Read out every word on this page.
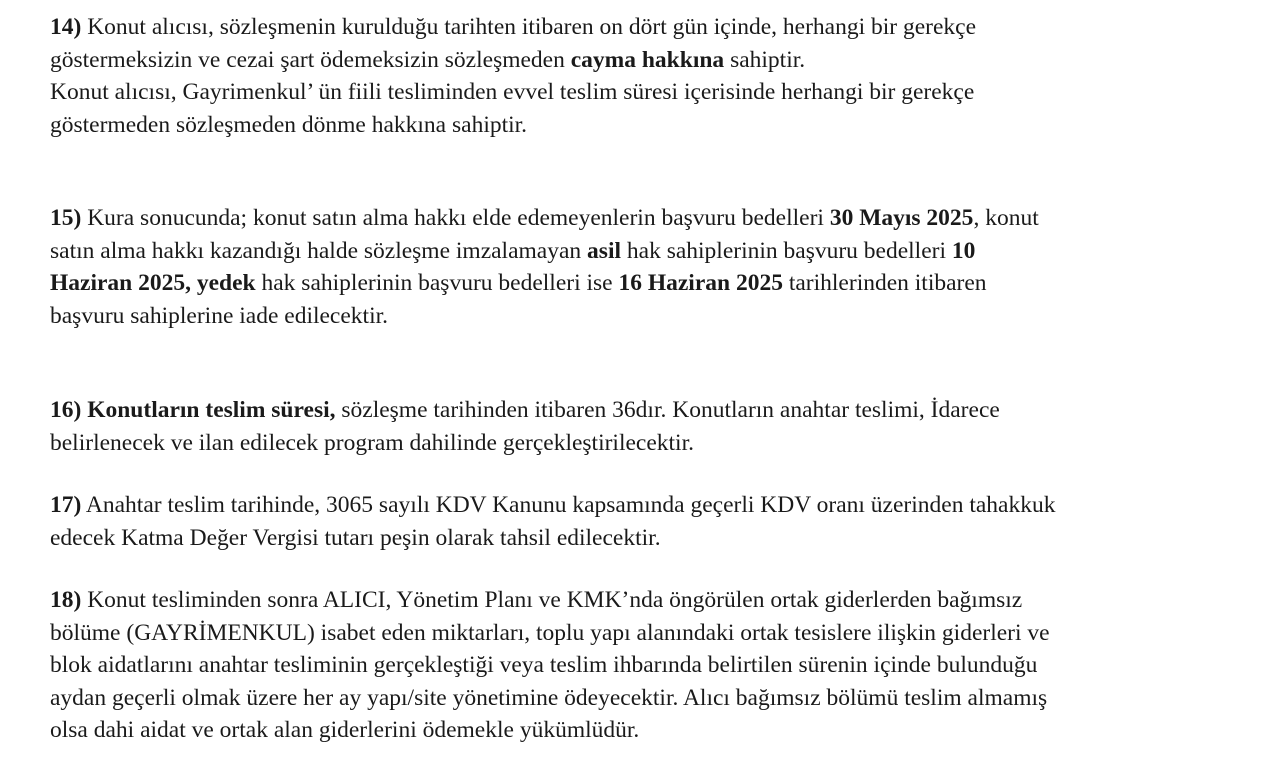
14) Konut alıcısı, sözleşmenin kurulduğu tarihten itibaren on dört gün içinde, herhangi bir gerekçe
göstermeksizin ve cezai şart ödemeksizin sözleşmeden cayma hakkına sahiptir.
Konut alıcısı, Gayrimenkul’ ün fiili tesliminden evvel teslim süresi içerisinde herhangi bir gerekçe
göstermeden sözleşmeden dönme hakkına sahiptir.

15) Kura sonucunda; konut satın alma hakkı elde edemeyenlerin başvuru bedelleri 30 Mayıs 2025, konut
satın alma hakkı kazandığı halde sözleşme imzalamayan asil hak sahiplerinin başvuru bedelleri 10
Haziran 2025, yedek hak sahiplerinin başvuru bedelleri ise 16 Haziran 2025 tarihlerinden itibaren
başvuru sahiplerine iade edilecektir.

16) Konutların teslim süresi, sözleşme tarihinden itibaren 36dır. Konutların anahtar teslimi, İdarece
belirlenecek ve ilan edilecek program dahilinde gerçekleştirilecektir.

17) Anahtar teslim tarihinde, 3065 sayılı KDV Kanunu kapsamında geçerli KDV oranı üzerinden tahakkuk
edecek Katma Değer Vergisi tutarı peşin olarak tahsil edilecektir.

18) Konut tesliminden sonra ALICI, Yönetim Planı ve KMK’nda öngörülen ortak giderlerden bağımsız
bölüme (GAYRİMENKUL) isabet eden miktarları, toplu yapı alanındaki ortak tesislere ilişkin giderleri ve
blok aidatlarını anahtar tesliminin gerçekleştiği veya teslim ihbarında belirtilen sürenin içinde bulunduğu
aydan geçerli olmak üzere her ay yapı/site yönetimine ödeyecektir. Alıcı bağımsız bölümü teslim almamış
olsa dahi aidat ve ortak alan giderlerini ödemekle yükümlüdür.
